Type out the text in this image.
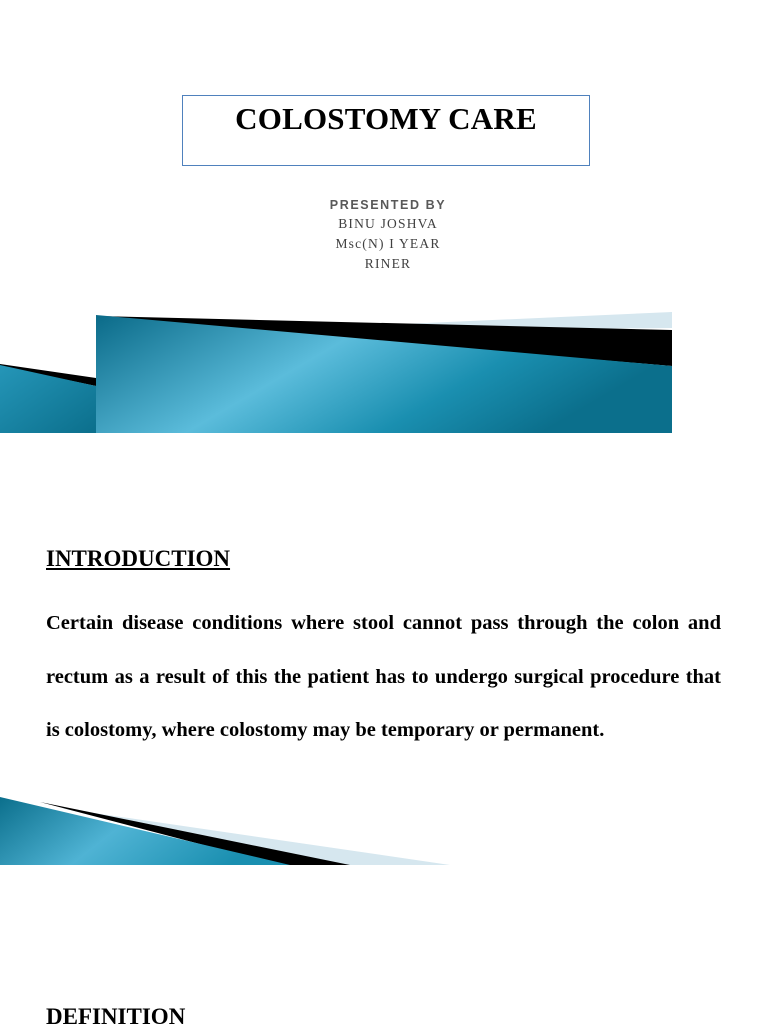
COLOSTOMY CARE
PRESENTED BY
BINU JOSHVA
Msc(N) I YEAR
RINER
INTRODUCTION

Certain disease conditions where stool cannot pass through the colon and rectum as a result of this the patient has to undergo surgical procedure that is colostomy, where colostomy may be temporary or permanent.

DEFINITION
